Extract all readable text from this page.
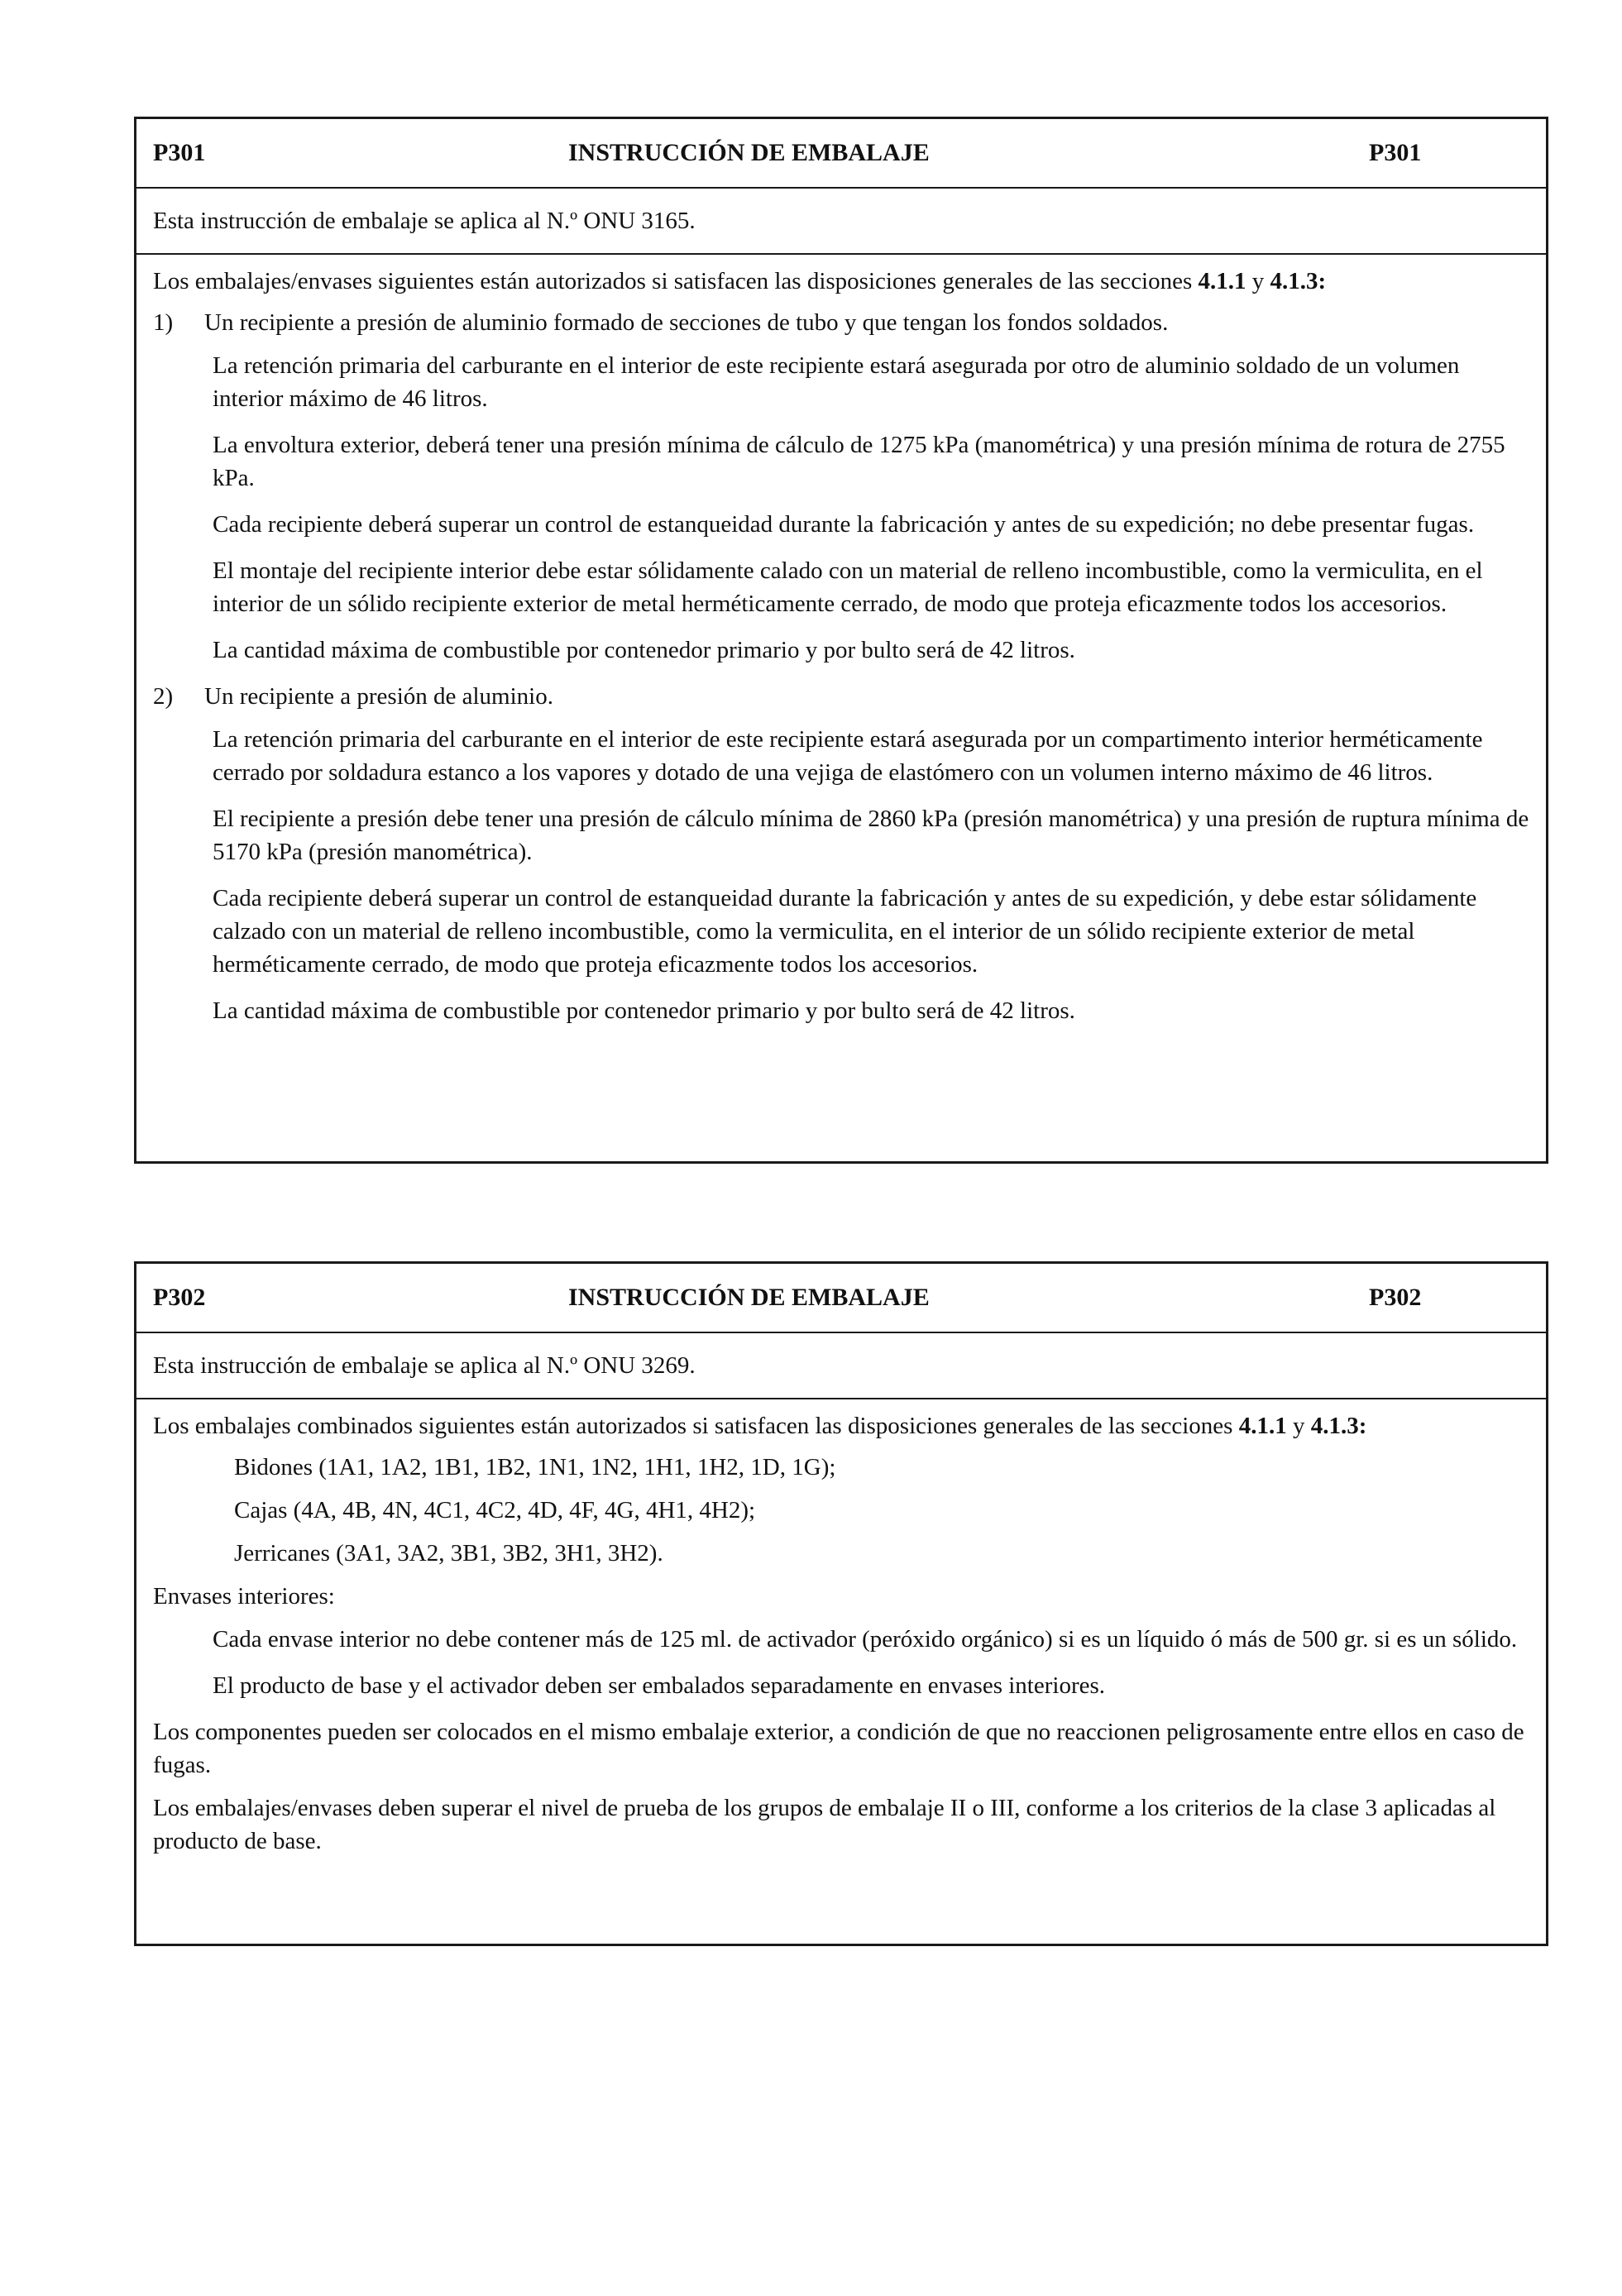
P301	INSTRUCCIÓN DE EMBALAJE	P301
Esta instrucción de embalaje se aplica al N.º ONU 3165.

Los embalajes/envases siguientes están autorizados si satisfacen las disposiciones generales de las secciones 4.1.1 y 4.1.3:

1) Un recipiente a presión de aluminio formado de secciones de tubo y que tengan los fondos soldados.

La retención primaria del carburante en el interior de este recipiente estará asegurada por otro de aluminio soldado de un volumen interior máximo de 46 litros.

La envoltura exterior, deberá tener una presión mínima de cálculo de 1275 kPa (manométrica) y una presión mínima de rotura de 2755 kPa.

Cada recipiente deberá superar un control de estanqueidad durante la fabricación y antes de su expedición; no debe presentar fugas.

El montaje del recipiente interior debe estar sólidamente calado con un material de relleno incombustible, como la vermiculita, en el interior de un sólido recipiente exterior de metal herméticamente cerrado, de modo que proteja eficazmente todos los accesorios.

La cantidad máxima de combustible por contenedor primario y por bulto será de 42 litros.

2) Un recipiente a presión de aluminio.

La retención primaria del carburante en el interior de este recipiente estará asegurada por un compartimento interior herméticamente cerrado por soldadura estanco a los vapores y dotado de una vejiga de elastómero con un volumen interno máximo de 46 litros.

El recipiente a presión debe tener una presión de cálculo mínima de 2860 kPa (presión manométrica) y una presión de ruptura mínima de 5170 kPa (presión manométrica).

Cada recipiente deberá superar un control de estanqueidad durante la fabricación y antes de su expedición, y debe estar sólidamente calzado con un material de relleno incombustible, como la vermiculita, en el interior de un sólido recipiente exterior de metal herméticamente cerrado, de modo que proteja eficazmente todos los accesorios.

La cantidad máxima de combustible por contenedor primario y por bulto será de 42 litros.

P302	INSTRUCCIÓN DE EMBALAJE	P302
Esta instrucción de embalaje se aplica al N.º ONU 3269.

Los embalajes combinados siguientes están autorizados si satisfacen las disposiciones generales de las secciones 4.1.1 y 4.1.3:

Bidones (1A1, 1A2, 1B1, 1B2, 1N1, 1N2, 1H1, 1H2, 1D, 1G);

Cajas (4A, 4B, 4N, 4C1, 4C2, 4D, 4F, 4G, 4H1, 4H2);

Jerricanes (3A1, 3A2, 3B1, 3B2, 3H1, 3H2).

Envases interiores:

Cada envase interior no debe contener más de 125 ml. de activador (peróxido orgánico) si es un líquido ó más de 500 gr. si es un sólido.

El producto de base y el activador deben ser embalados separadamente en envases interiores.

Los componentes pueden ser colocados en el mismo embalaje exterior, a condición de que no reaccionen peligrosamente entre ellos en caso de fugas.

Los embalajes/envases deben superar el nivel de prueba de los grupos de embalaje II o III, conforme a los criterios de la clase 3 aplicadas al producto de base.
